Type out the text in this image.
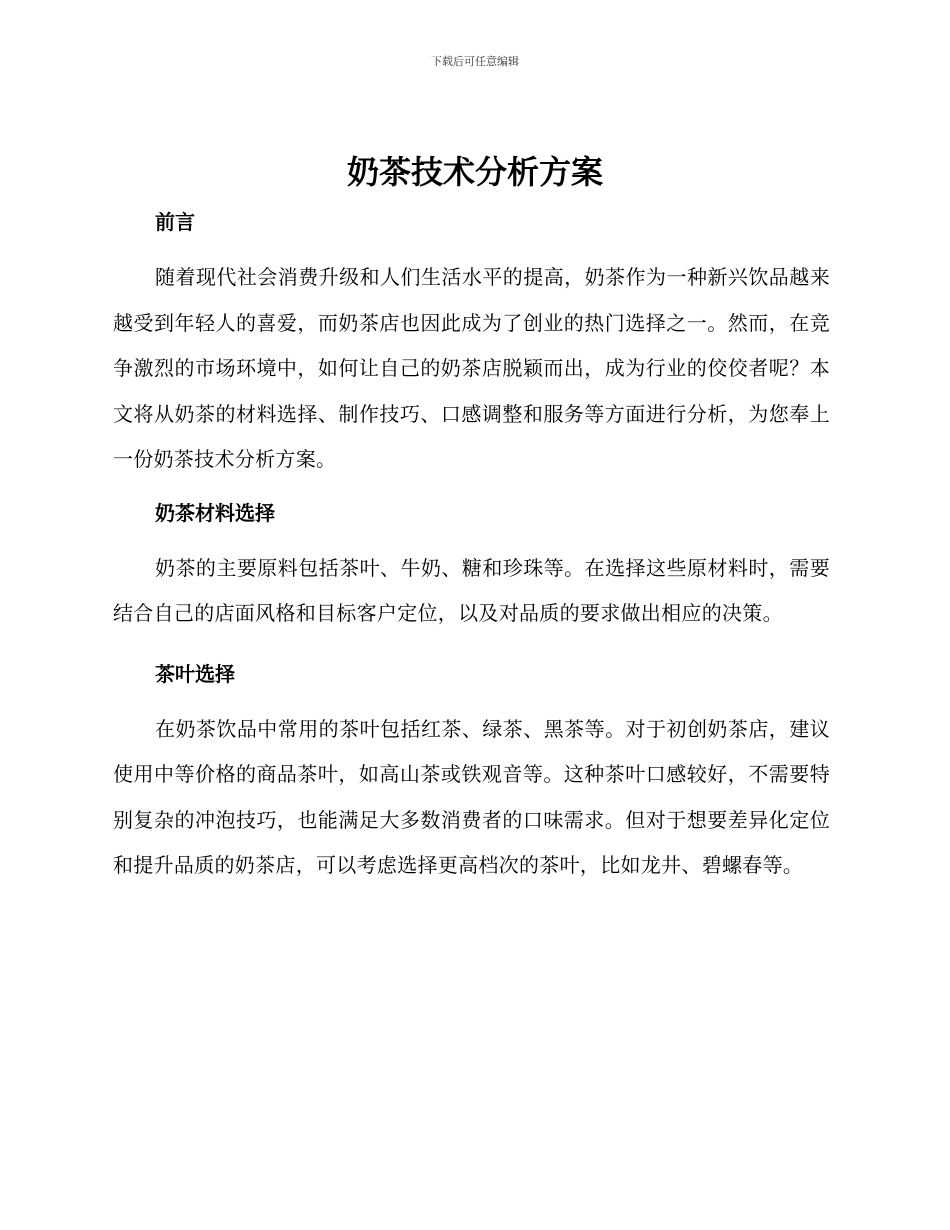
下载后可任意编辑
奶茶技术分析方案
前言

随着现代社会消费升级和人们生活水平的提高，奶茶作为一种新兴饮品越来越受到年轻人的喜爱，而奶茶店也因此成为了创业的热门选择之一。然而，在竞争激烈的市场环境中，如何让自己的奶茶店脱颖而出，成为行业的佼佼者呢？本文将从奶茶的材料选择、制作技巧、口感调整和服务等方面进行分析，为您奉上一份奶茶技术分析方案。

奶茶材料选择

奶茶的主要原料包括茶叶、牛奶、糖和珍珠等。在选择这些原材料时，需要结合自己的店面风格和目标客户定位，以及对品质的要求做出相应的决策。

茶叶选择

在奶茶饮品中常用的茶叶包括红茶、绿茶、黑茶等。对于初创奶茶店，建议使用中等价格的商品茶叶，如高山茶或铁观音等。这种茶叶口感较好，不需要特别复杂的冲泡技巧，也能满足大多数消费者的口味需求。但对于想要差异化定位和提升品质的奶茶店，可以考虑选择更高档次的茶叶，比如龙井、碧螺春等。
